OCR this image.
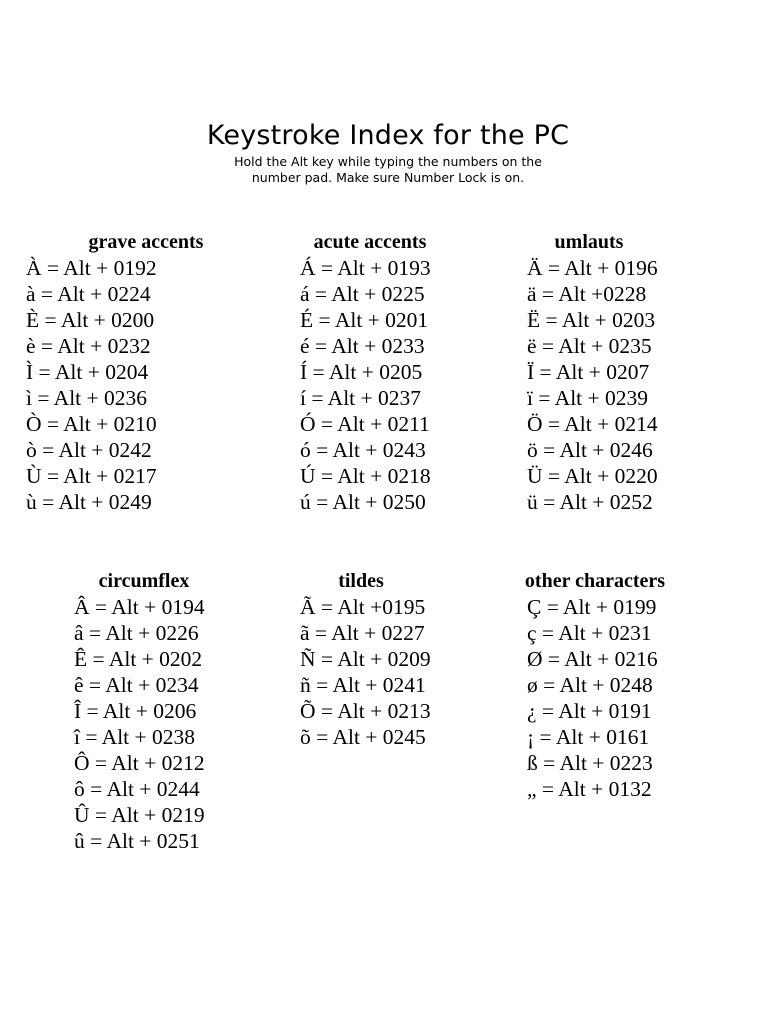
Keystroke Index for the PC

Hold the Alt key while typing the numbers on the

number pad. Make sure Number Lock is on.

grave accents
À = Alt + 0192
à = Alt + 0224
È = Alt + 0200
è = Alt + 0232
Ì = Alt + 0204
ì = Alt + 0236
Ò = Alt + 0210
ò = Alt + 0242
Ù = Alt + 0217
ù = Alt + 0249
acute accents
Á = Alt + 0193
á = Alt + 0225
É = Alt + 0201
é = Alt + 0233
Í = Alt + 0205
í = Alt + 0237
Ó = Alt + 0211
ó = Alt + 0243
Ú = Alt + 0218
ú = Alt + 0250
umlauts
Ä = Alt + 0196
ä = Alt +0228
Ë = Alt + 0203
ë = Alt + 0235
Ï = Alt + 0207
ï = Alt + 0239
Ö = Alt + 0214
ö = Alt + 0246
Ü = Alt + 0220
ü = Alt + 0252
circumflex
Â = Alt + 0194
â = Alt + 0226
Ê = Alt + 0202
ê = Alt + 0234
Î = Alt + 0206
î = Alt + 0238
Ô = Alt + 0212
ô = Alt + 0244
Û = Alt + 0219
û = Alt + 0251
tildes
Ã = Alt +0195
ã = Alt + 0227
Ñ = Alt + 0209
ñ = Alt + 0241
Õ = Alt + 0213
õ = Alt + 0245
other characters
Ç = Alt + 0199
ç = Alt + 0231
Ø = Alt + 0216
ø = Alt + 0248
¿ = Alt + 0191
¡ = Alt + 0161
ß = Alt + 0223
„ = Alt + 0132
